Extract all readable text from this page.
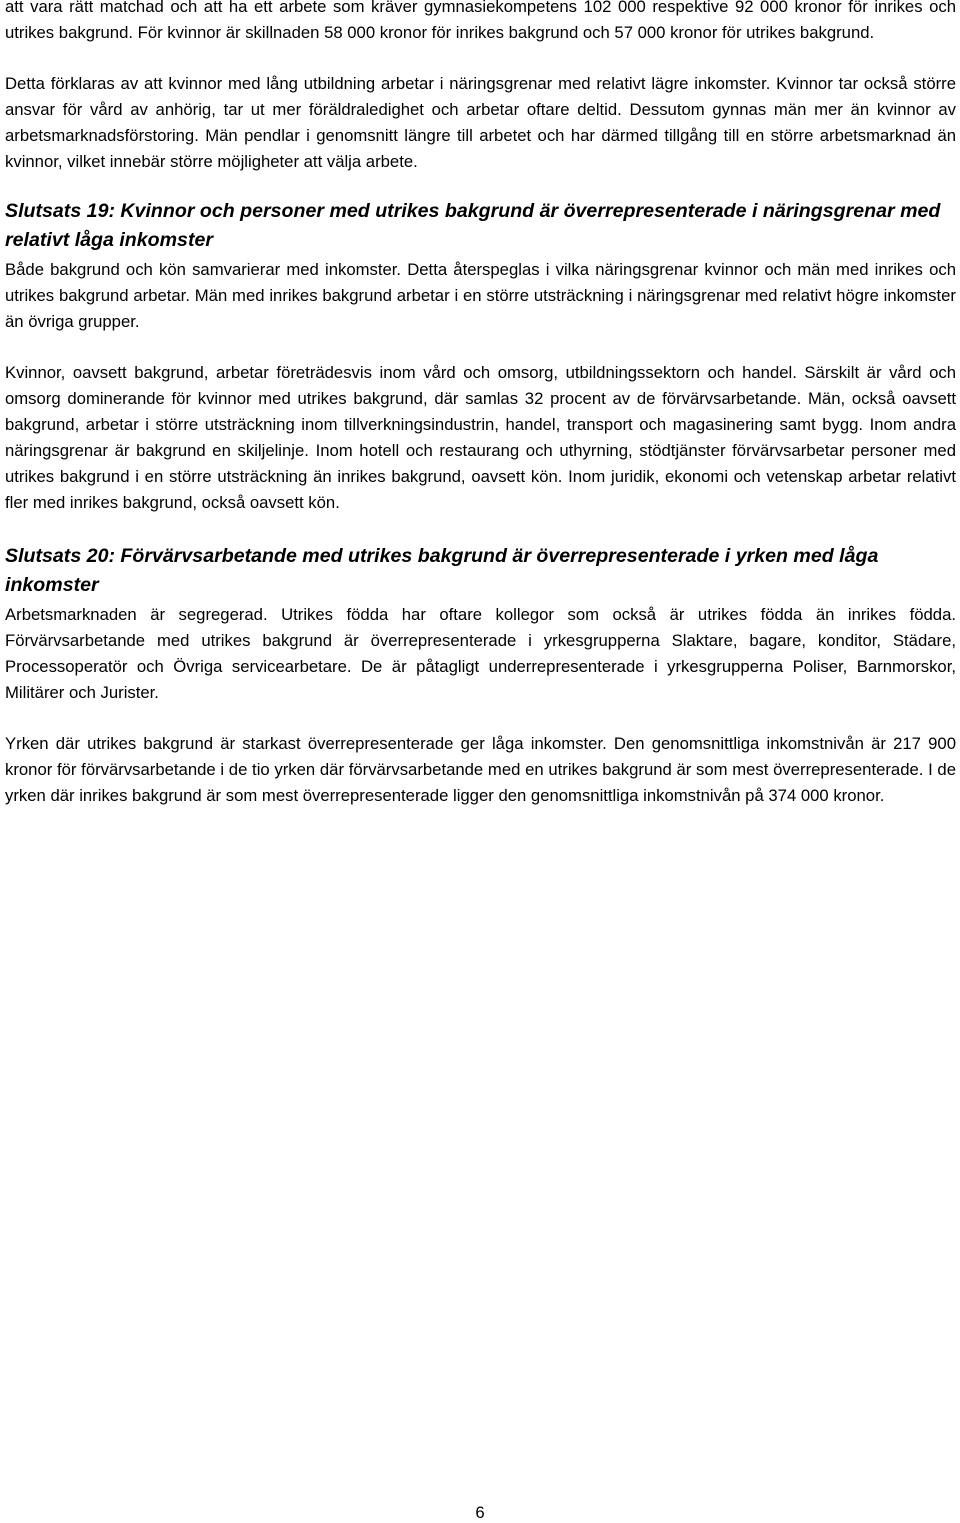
att vara rätt matchad och att ha ett arbete som kräver gymnasiekompetens 102 000 respektive 92 000 kronor för inrikes och utrikes bakgrund. För kvinnor är skillnaden 58 000 kronor för inrikes bakgrund och 57 000 kronor för utrikes bakgrund.

Detta förklaras av att kvinnor med lång utbildning arbetar i näringsgrenar med relativt lägre inkomster. Kvinnor tar också större ansvar för vård av anhörig, tar ut mer föräldraledighet och arbetar oftare deltid. Dessutom gynnas män mer än kvinnor av arbetsmarknadsförstoring. Män pendlar i genomsnitt längre till arbetet och har därmed tillgång till en större arbetsmarknad än kvinnor, vilket innebär större möjligheter att välja arbete.

Slutsats 19: Kvinnor och personer med utrikes bakgrund är överrepresenterade i näringsgrenar med relativt låga inkomster

Både bakgrund och kön samvarierar med inkomster. Detta återspeglas i vilka näringsgrenar kvinnor och män med inrikes och utrikes bakgrund arbetar. Män med inrikes bakgrund arbetar i en större utsträckning i näringsgrenar med relativt högre inkomster än övriga grupper.

Kvinnor, oavsett bakgrund, arbetar företrädesvis inom vård och omsorg, utbildningssektorn och handel. Särskilt är vård och omsorg dominerande för kvinnor med utrikes bakgrund, där samlas 32 procent av de förvärvsarbetande. Män, också oavsett bakgrund, arbetar i större utsträckning inom tillverkningsindustrin, handel, transport och magasinering samt bygg. Inom andra näringsgrenar är bakgrund en skiljelinje. Inom hotell och restaurang och uthyrning, stödtjänster förvärvsarbetar personer med utrikes bakgrund i en större utsträckning än inrikes bakgrund, oavsett kön. Inom juridik, ekonomi och vetenskap arbetar relativt fler med inrikes bakgrund, också oavsett kön.

Slutsats 20: Förvärvsarbetande med utrikes bakgrund är överrepresenterade i yrken med låga inkomster

Arbetsmarknaden är segregerad. Utrikes födda har oftare kollegor som också är utrikes födda än inrikes födda. Förvärvsarbetande med utrikes bakgrund är överrepresenterade i yrkesgrupperna Slaktare, bagare, konditor, Städare, Processoperatör och Övriga servicearbetare. De är påtagligt underrepresenterade i yrkesgrupperna Poliser, Barnmorskor, Militärer och Jurister.

Yrken där utrikes bakgrund är starkast överrepresenterade ger låga inkomster. Den genomsnittliga inkomstnivån är 217 900 kronor för förvärvsarbetande i de tio yrken där förvärvsarbetande med en utrikes bakgrund är som mest överrepresenterade. I de yrken där inrikes bakgrund är som mest överrepresenterade ligger den genomsnittliga inkomstnivån på 374 000 kronor.

6
